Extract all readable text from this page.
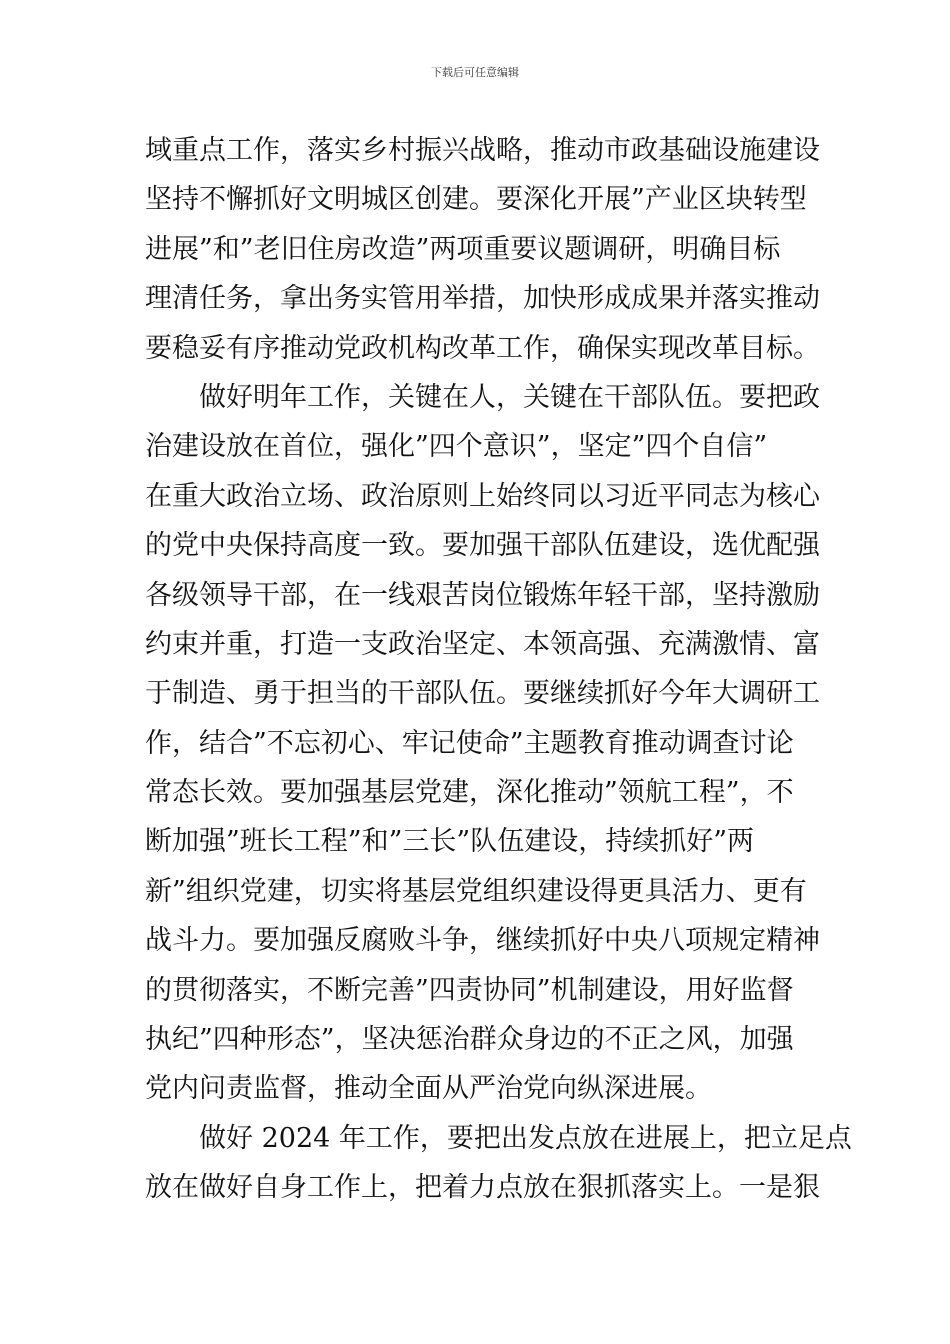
下载后可任意编辑
域重点工作，落实乡村振兴战略，推动市政基础设施建设
坚持不懈抓好文明城区创建。要深化开展”产业区块转型
进展”和”老旧住房改造”两项重要议题调研，明确目标
理清任务，拿出务实管用举措，加快形成成果并落实推动
要稳妥有序推动党政机构改革工作，确保实现改革目标。
做好明年工作，关键在人，关键在干部队伍。要把政
治建设放在首位，强化”四个意识”，坚定”四个自信”
在重大政治立场、政治原则上始终同以习近平同志为核心
的党中央保持高度一致。要加强干部队伍建设，选优配强
各级领导干部，在一线艰苦岗位锻炼年轻干部，坚持激励
约束并重，打造一支政治坚定、本领高强、充满激情、富
于制造、勇于担当的干部队伍。要继续抓好今年大调研工
作，结合”不忘初心、牢记使命”主题教育推动调查讨论
常态长效。要加强基层党建，深化推动”领航工程”，不
断加强”班长工程”和”三长”队伍建设，持续抓好”两
新”组织党建，切实将基层党组织建设得更具活力、更有
战斗力。要加强反腐败斗争，继续抓好中央八项规定精神
的贯彻落实，不断完善”四责协同”机制建设，用好监督
执纪”四种形态”，坚决惩治群众身边的不正之风，加强
党内问责监督，推动全面从严治党向纵深进展。
做好 2024 年工作，要把出发点放在进展上，把立足点
放在做好自身工作上，把着力点放在狠抓落实上。一是狠
